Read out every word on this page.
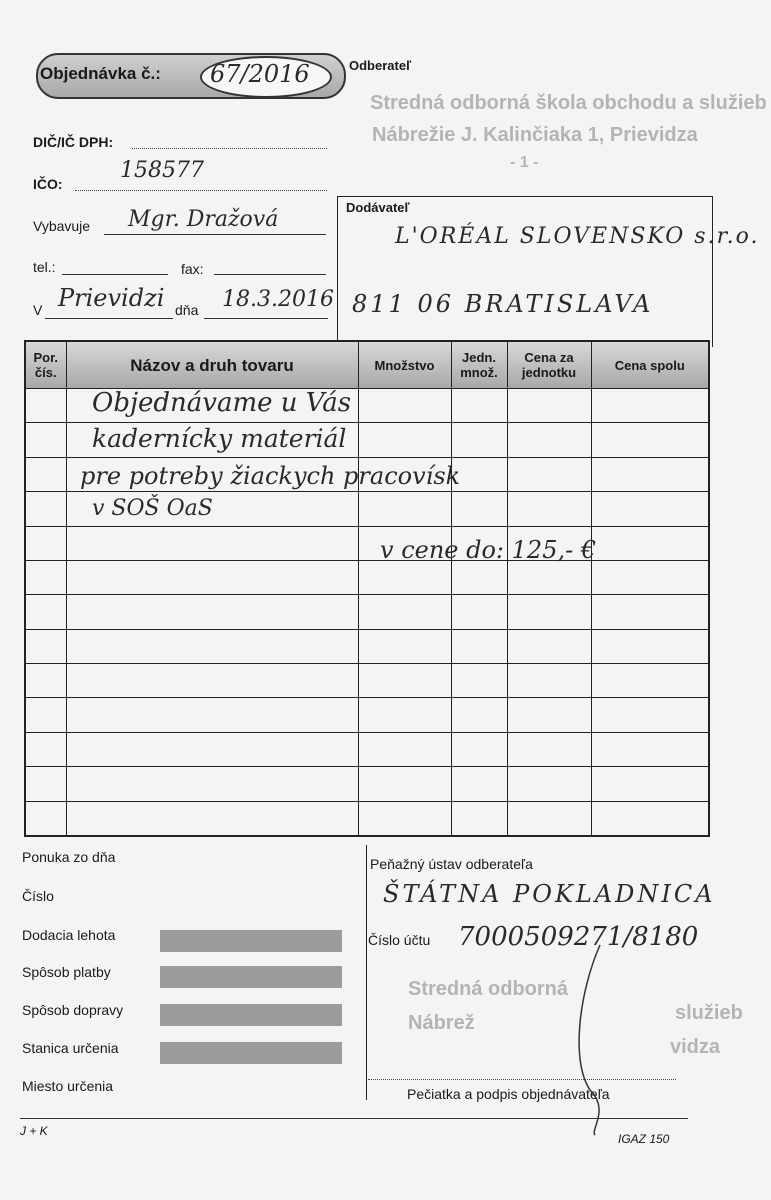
Objednávka č.: 67/2016	Odberateľ
Stredná odborná škola obchodu a služieb
Nábrežie J. Kalinčiaka 1, Prievidza
- 1 -
DIČ/IČ DPH:
IČO:
158577
Vybavuje Mgr. Dražová
tel.:	fax:
V Prievidzi dňa 18.3.2016
Dodávateľ
L'ORÉAL SLOVENSKO s.r.o.
811 06 BRATISLAVA
Por. čís.	Názov a druh tovaru	Množstvo	Jedn. množ.	Cena za jednotku	Cena spolu

Objednávame u Vás
kadernícky materiál
pre potreby žiackych pracovísk
v SOŠ OaS
v cene do: 125,- €
Ponuka zo dňa
Číslo
Dodacia lehota
Spôsob platby
Spôsob dopravy
Stanica určenia
Miesto určenia
Peňažný ústav odberateľa
ŠTÁTNA POKLADNICA
Číslo účtu 7000509271/8180
Stredná odborná
služieb
Nábrež
vidza
Pečiatka a podpis objednávateľa
J + K
IGAZ 150
